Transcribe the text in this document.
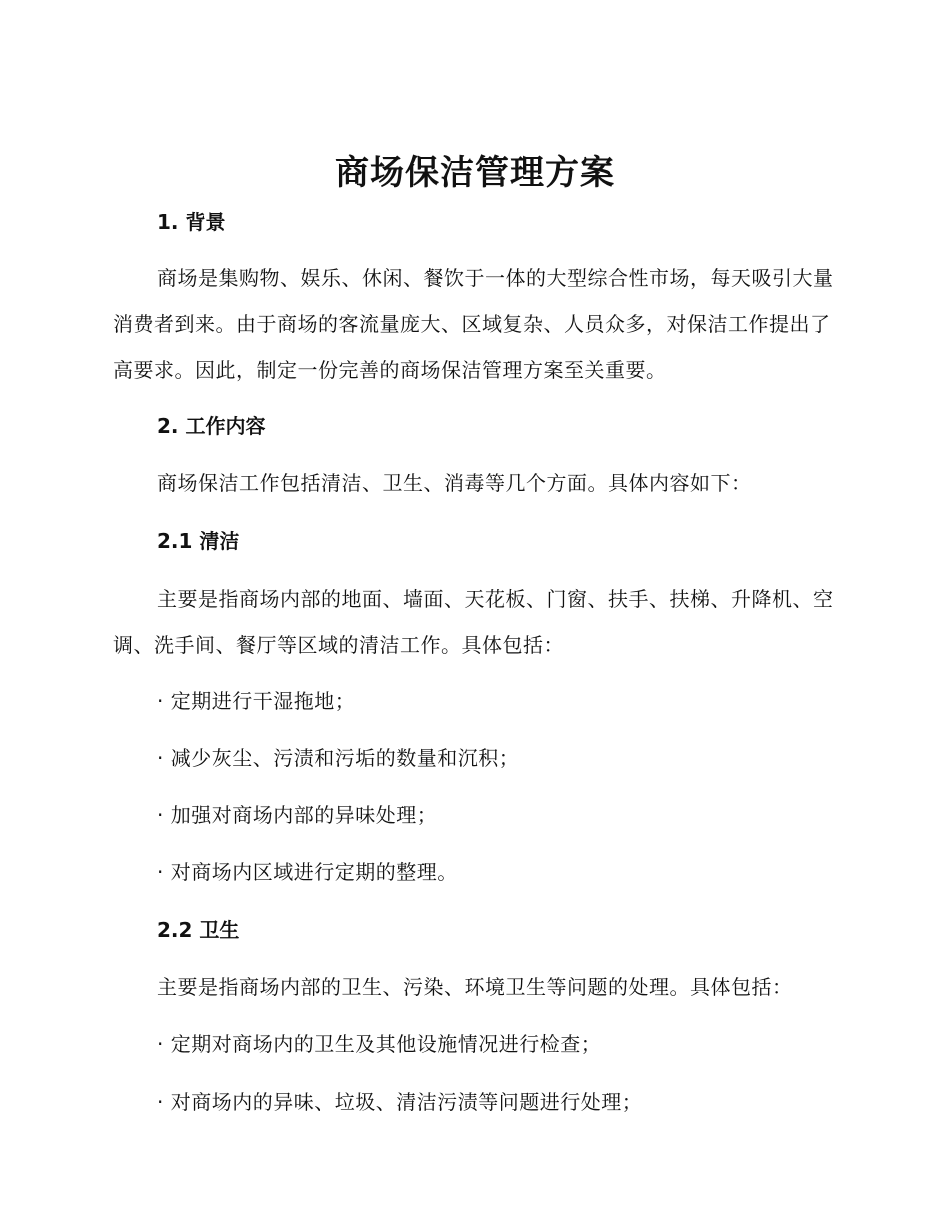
商场保洁管理方案
1. 背景

商场是集购物、娱乐、休闲、餐饮于一体的大型综合性市场，每天吸引大量消费者到来。由于商场的客流量庞大、区域复杂、人员众多，对保洁工作提出了高要求。因此，制定一份完善的商场保洁管理方案至关重要。

2. 工作内容
商场保洁工作包括清洁、卫生、消毒等几个方面。具体内容如下：
2.1 清洁

主要是指商场内部的地面、墙面、天花板、门窗、扶手、扶梯、升降机、空调、洗手间、餐厅等区域的清洁工作。具体包括：

· 定期进行干湿拖地；
· 减少灰尘、污渍和污垢的数量和沉积；
· 加强对商场内部的异味处理；
· 对商场内区域进行定期的整理。
2.2 卫生
主要是指商场内部的卫生、污染、环境卫生等问题的处理。具体包括：
· 定期对商场内的卫生及其他设施情况进行检查；
· 对商场内的异味、垃圾、清洁污渍等问题进行处理；
